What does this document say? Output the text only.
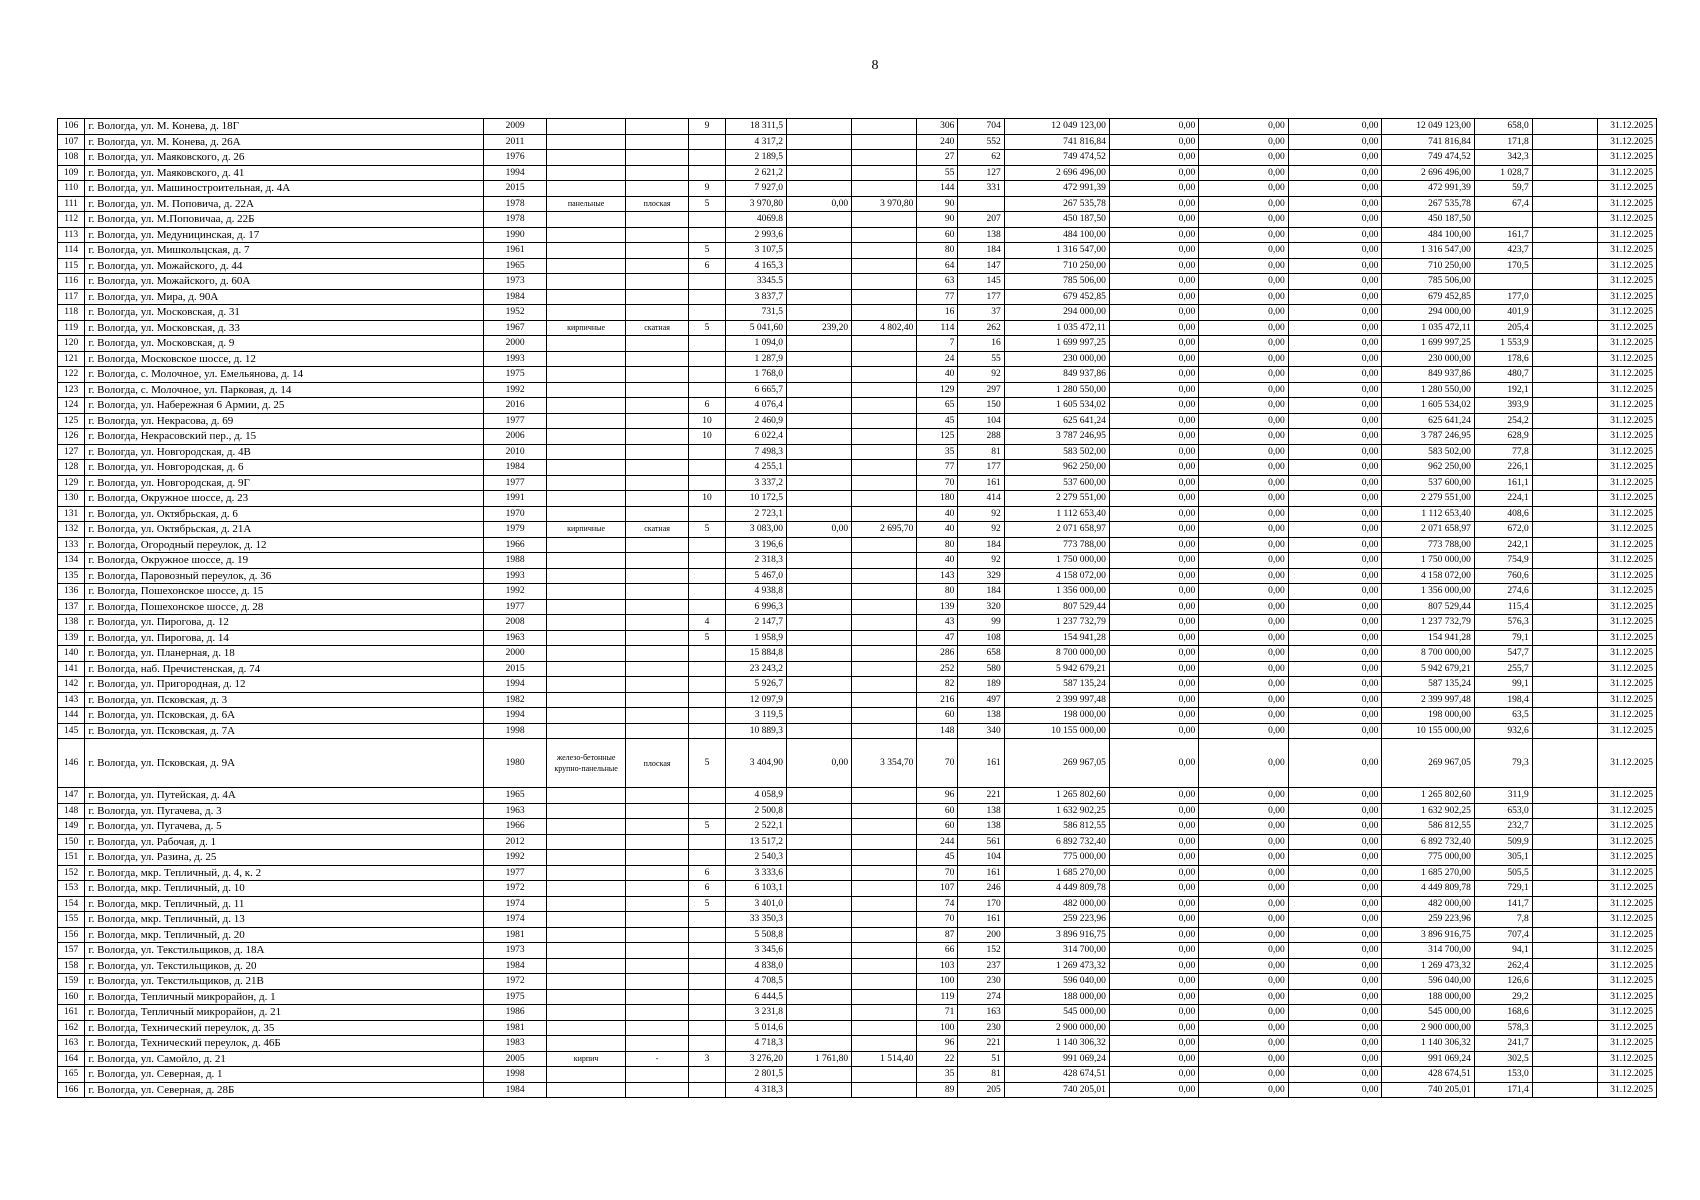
8
106	г. Вологда, ул. М. Конева, д. 18Г	2009			9	18 311,5			306	704	12 049 123,00	0,00	0,00	0,00	12 049 123,00	658,0		31.12.2025
107	г. Вологда, ул. М. Конева, д. 26А	2011				4 317,2			240	552	741 816,84	0,00	0,00	0,00	741 816,84	171,8		31.12.2025
108	г. Вологда, ул. Маяковского, д. 26	1976				2 189,5			27	62	749 474,52	0,00	0,00	0,00	749 474,52	342,3		31.12.2025
109	г. Вологда, ул. Маяковского, д. 41	1994				2 621,2			55	127	2 696 496,00	0,00	0,00	0,00	2 696 496,00	1 028,7		31.12.2025
110	г. Вологда, ул. Машиностроительная, д. 4А	2015			9	7 927,0			144	331	472 991,39	0,00	0,00	0,00	472 991,39	59,7		31.12.2025
111	г. Вологда, ул. М. Поповича, д. 22А	1978	панельные	плоская	5	3 970,80	0,00	3 970,80	90		267 535,78	0,00	0,00	0,00	267 535,78	67,4		31.12.2025
112	г. Вологда, ул. М.Поповичаа, д. 22Б	1978				4069.8			90	207	450 187,50	0,00	0,00	0,00	450 187,50			31.12.2025
113	г. Вологда, ул. Медуницинская, д. 17	1990				2 993,6			60	138	484 100,00	0,00	0,00	0,00	484 100,00	161,7		31.12.2025
114	г. Вологда, ул. Мишкольцская, д. 7	1961			5	3 107,5			80	184	1 316 547,00	0,00	0,00	0,00	1 316 547,00	423,7		31.12.2025
115	г. Вологда, ул. Можайского, д. 44	1965			6	4 165,3			64	147	710 250,00	0,00	0,00	0,00	710 250,00	170,5		31.12.2025
116	г. Вологда, ул. Можайского, д. 60А	1973				3345.5			63	145	785 506,00	0,00	0,00	0,00	785 506,00			31.12.2025
117	г. Вологда, ул. Мира, д. 90А	1984				3 837,7			77	177	679 452,85	0,00	0,00	0,00	679 452,85	177,0		31.12.2025
118	г. Вологда, ул. Московская, д. 31	1952				731,5			16	37	294 000,00	0,00	0,00	0,00	294 000,00	401,9		31.12.2025
119	г. Вологда, ул. Московская, д. 33	1967	кирпичные	скатная	5	5 041,60	239,20	4 802,40	114	262	1 035 472,11	0,00	0,00	0,00	1 035 472,11	205,4		31.12.2025
120	г. Вологда, ул. Московская, д. 9	2000				1 094,0			7	16	1 699 997,25	0,00	0,00	0,00	1 699 997,25	1 553,9		31.12.2025
121	г. Вологда, Московское шоссе, д. 12	1993				1 287,9			24	55	230 000,00	0,00	0,00	0,00	230 000,00	178,6		31.12.2025
122	г. Вологда, с. Молочное, ул. Емельянова, д. 14	1975				1 768,0			40	92	849 937,86	0,00	0,00	0,00	849 937,86	480,7		31.12.2025
123	г. Вологда, с. Молочное, ул. Парковая, д. 14	1992				6 665,7			129	297	1 280 550,00	0,00	0,00	0,00	1 280 550,00	192,1		31.12.2025
124	г. Вологда, ул. Набережная 6 Армии, д. 25	2016			6	4 076,4			65	150	1 605 534,02	0,00	0,00	0,00	1 605 534,02	393,9		31.12.2025
125	г. Вологда, ул. Некрасова, д. 69	1977			10	2 460,9			45	104	625 641,24	0,00	0,00	0,00	625 641,24	254,2		31.12.2025
126	г. Вологда, Некрасовский пер., д. 15	2006			10	6 022,4			125	288	3 787 246,95	0,00	0,00	0,00	3 787 246,95	628,9		31.12.2025
127	г. Вологда, ул. Новгородская, д. 4В	2010				7 498,3			35	81	583 502,00	0,00	0,00	0,00	583 502,00	77,8		31.12.2025
128	г. Вологда, ул. Новгородская, д. 6	1984				4 255,1			77	177	962 250,00	0,00	0,00	0,00	962 250,00	226,1		31.12.2025
129	г. Вологда, ул. Новгородская, д. 9Г	1977				3 337,2			70	161	537 600,00	0,00	0,00	0,00	537 600,00	161,1		31.12.2025
130	г. Вологда, Окружное шоссе, д. 23	1991			10	10 172,5			180	414	2 279 551,00	0,00	0,00	0,00	2 279 551,00	224,1		31.12.2025
131	г. Вологда, ул. Октябрьская, д. 6	1970				2 723,1			40	92	1 112 653,40	0,00	0,00	0,00	1 112 653,40	408,6		31.12.2025
132	г. Вологда, ул. Октябрьская, д. 21А	1979	кирпичные	скатная	5	3 083,00	0,00	2 695,70	40	92	2 071 658,97	0,00	0,00	0,00	2 071 658,97	672,0		31.12.2025
133	г. Вологда, Огородный переулок, д. 12	1966				3 196,6			80	184	773 788,00	0,00	0,00	0,00	773 788,00	242,1		31.12.2025
134	г. Вологда, Окружное шоссе, д. 19	1988				2 318,3			40	92	1 750 000,00	0,00	0,00	0,00	1 750 000,00	754,9		31.12.2025
135	г. Вологда, Паровозный переулок, д. 36	1993				5 467,0			143	329	4 158 072,00	0,00	0,00	0,00	4 158 072,00	760,6		31.12.2025
136	г. Вологда, Пошехонское шоссе, д. 15	1992				4 938,8			80	184	1 356 000,00	0,00	0,00	0,00	1 356 000,00	274,6		31.12.2025
137	г. Вологда, Пошехонское шоссе, д. 28	1977				6 996,3			139	320	807 529,44	0,00	0,00	0,00	807 529,44	115,4		31.12.2025
138	г. Вологда, ул. Пирогова, д. 12	2008			4	2 147,7			43	99	1 237 732,79	0,00	0,00	0,00	1 237 732,79	576,3		31.12.2025
139	г. Вологда, ул. Пирогова, д. 14	1963			5	1 958,9			47	108	154 941,28	0,00	0,00	0,00	154 941,28	79,1		31.12.2025
140	г. Вологда, ул. Планерная, д. 18	2000				15 884,8			286	658	8 700 000,00	0,00	0,00	0,00	8 700 000,00	547,7		31.12.2025
141	г. Вологда, наб. Пречистенская, д. 74	2015				23 243,2			252	580	5 942 679,21	0,00	0,00	0,00	5 942 679,21	255,7		31.12.2025
142	г. Вологда, ул. Пригородная, д. 12	1994				5 926,7			82	189	587 135,24	0,00	0,00	0,00	587 135,24	99,1		31.12.2025
143	г. Вологда, ул. Псковская, д. 3	1982				12 097,9			216	497	2 399 997,48	0,00	0,00	0,00	2 399 997,48	198,4		31.12.2025
144	г. Вологда, ул. Псковская, д. 6А	1994				3 119,5			60	138	198 000,00	0,00	0,00	0,00	198 000,00	63,5		31.12.2025
145	г. Вологда, ул. Псковская, д. 7А	1998				10 889,3			148	340	10 155 000,00	0,00	0,00	0,00	10 155 000,00	932,6		31.12.2025
146	г. Вологда, ул. Псковская, д. 9А	1980	железо-бетонные крупно-панельные	плоская	5	3 404,90	0,00	3 354,70	70	161	269 967,05	0,00	0,00	0,00	269 967,05	79,3		31.12.2025
147	г. Вологда, ул. Путейская, д. 4А	1965				4 058,9			96	221	1 265 802,60	0,00	0,00	0,00	1 265 802,60	311,9		31.12.2025
148	г. Вологда, ул. Пугачева, д. 3	1963				2 500,8			60	138	1 632 902,25	0,00	0,00	0,00	1 632 902,25	653,0		31.12.2025
149	г. Вологда, ул. Пугачева, д. 5	1966			5	2 522,1			60	138	586 812,55	0,00	0,00	0,00	586 812,55	232,7		31.12.2025
150	г. Вологда, ул. Рабочая, д. 1	2012				13 517,2			244	561	6 892 732,40	0,00	0,00	0,00	6 892 732,40	509,9		31.12.2025
151	г. Вологда, ул. Разина, д. 25	1992				2 540,3			45	104	775 000,00	0,00	0,00	0,00	775 000,00	305,1		31.12.2025
152	г. Вологда, мкр. Тепличный, д. 4, к. 2	1977			6	3 333,6			70	161	1 685 270,00	0,00	0,00	0,00	1 685 270,00	505,5		31.12.2025
153	г. Вологда, мкр. Тепличный, д. 10	1972			6	6 103,1			107	246	4 449 809,78	0,00	0,00	0,00	4 449 809,78	729,1		31.12.2025
154	г. Вологда, мкр. Тепличный, д. 11	1974			5	3 401,0			74	170	482 000,00	0,00	0,00	0,00	482 000,00	141,7		31.12.2025
155	г. Вологда, мкр. Тепличный, д. 13	1974				33 350,3			70	161	259 223,96	0,00	0,00	0,00	259 223,96	7,8		31.12.2025
156	г. Вологда, мкр. Тепличный, д. 20	1981				5 508,8			87	200	3 896 916,75	0,00	0,00	0,00	3 896 916,75	707,4		31.12.2025
157	г. Вологда, ул. Текстильщиков, д. 18А	1973				3 345,6			66	152	314 700,00	0,00	0,00	0,00	314 700,00	94,1		31.12.2025
158	г. Вологда, ул. Текстильщиков, д. 20	1984				4 838,0			103	237	1 269 473,32	0,00	0,00	0,00	1 269 473,32	262,4		31.12.2025
159	г. Вологда, ул. Текстильщиков, д. 21В	1972				4 708,5			100	230	596 040,00	0,00	0,00	0,00	596 040,00	126,6		31.12.2025
160	г. Вологда, Тепличный микрорайон, д. 1	1975				6 444,5			119	274	188 000,00	0,00	0,00	0,00	188 000,00	29,2		31.12.2025
161	г. Вологда, Тепличный микрорайон, д. 21	1986				3 231,8			71	163	545 000,00	0,00	0,00	0,00	545 000,00	168,6		31.12.2025
162	г. Вологда, Технический переулок, д. 35	1981				5 014,6			100	230	2 900 000,00	0,00	0,00	0,00	2 900 000,00	578,3		31.12.2025
163	г. Вологда, Технический переулок, д. 46Б	1983				4 718,3			96	221	1 140 306,32	0,00	0,00	0,00	1 140 306,32	241,7		31.12.2025
164	г. Вологда, ул. Самойло, д. 21	2005	кирпич	-	3	3 276,20	1 761,80	1 514,40	22	51	991 069,24	0,00	0,00	0,00	991 069,24	302,5		31.12.2025
165	г. Вологда, ул. Северная, д. 1	1998				2 801,5			35	81	428 674,51	0,00	0,00	0,00	428 674,51	153,0		31.12.2025
166	г. Вологда, ул. Северная, д. 28Б	1984				4 318,3			89	205	740 205,01	0,00	0,00	0,00	740 205,01	171,4		31.12.2025
